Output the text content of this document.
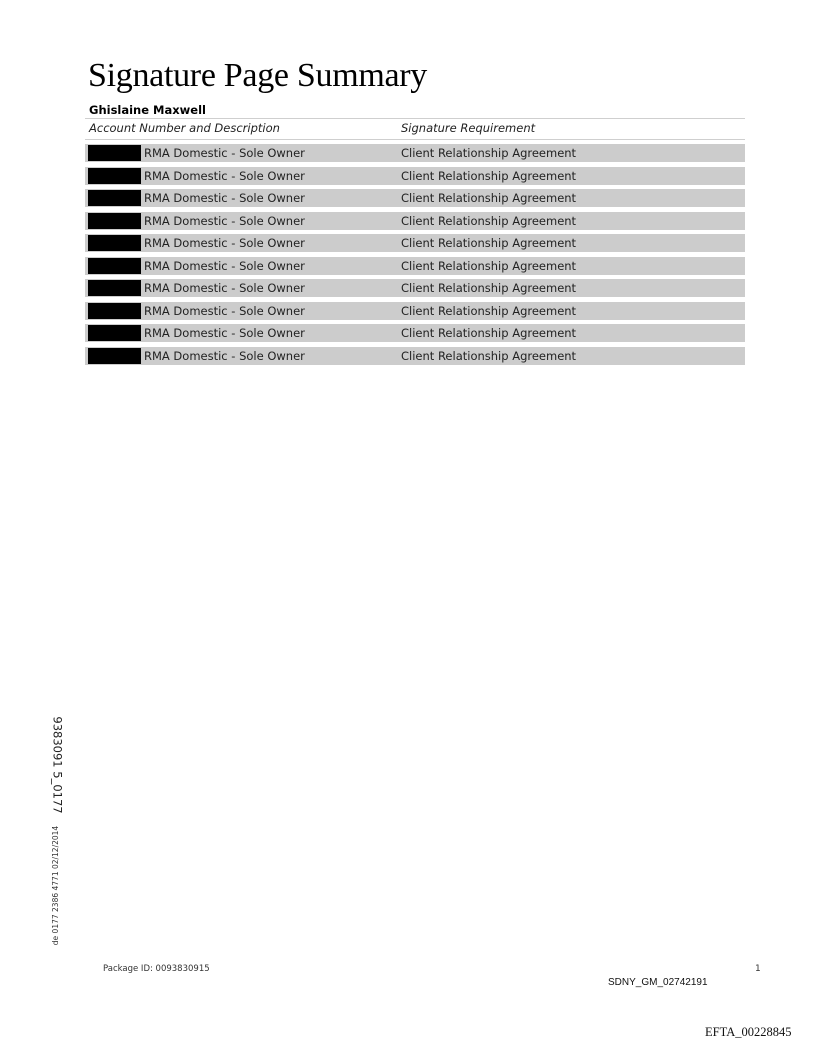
Signature Page Summary
Ghislaine Maxwell
Account Number and Description	Signature Requirement
RMA Domestic - Sole Owner	Client Relationship Agreement
RMA Domestic - Sole Owner	Client Relationship Agreement
RMA Domestic - Sole Owner	Client Relationship Agreement
RMA Domestic - Sole Owner	Client Relationship Agreement
RMA Domestic - Sole Owner	Client Relationship Agreement
RMA Domestic - Sole Owner	Client Relationship Agreement
RMA Domestic - Sole Owner	Client Relationship Agreement
RMA Domestic - Sole Owner	Client Relationship Agreement
RMA Domestic - Sole Owner	Client Relationship Agreement
RMA Domestic - Sole Owner	Client Relationship Agreement
9383091 5_0177
de 0177 2386 4771 02/12/2014
Package ID: 0093830915	1
SDNY_GM_02742191
EFTA_00228845
